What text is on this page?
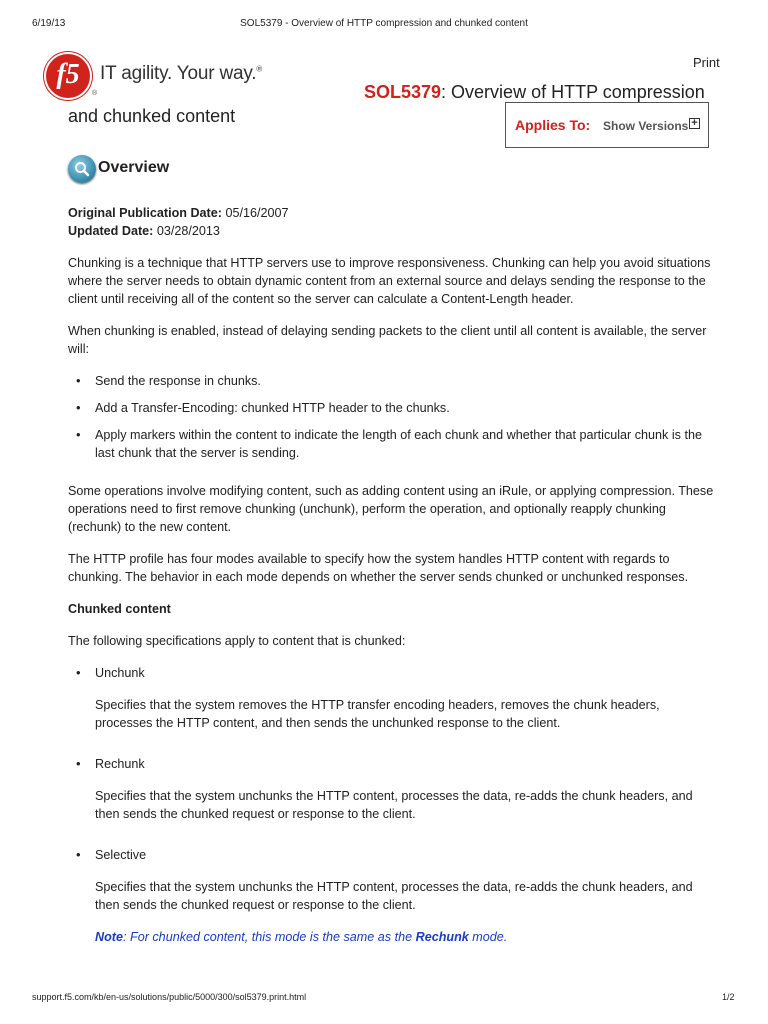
6/19/13	SOL5379 - Overview of HTTP compression and chunked content
f5
®
IT agility. Your way.®	Print
SOL5379: Overview of HTTP compression
and chunked content	Applies To: Show Versions +
Overview
Original Publication Date: 05/16/2007
Updated Date: 03/28/2013

Chunking is a technique that HTTP servers use to improve responsiveness. Chunking can help you avoid situations where the server needs to obtain dynamic content from an external source and delays sending the response to the client until receiving all of the content so the server can calculate a Content-Length header.

When chunking is enabled, instead of delaying sending packets to the client until all content is available, the server will:

• Send the response in chunks.
• Add a Transfer-Encoding: chunked HTTP header to the chunks.
• Apply markers within the content to indicate the length of each chunk and whether that particular chunk is the last chunk that the server is sending.

Some operations involve modifying content, such as adding content using an iRule, or applying compression. These operations need to first remove chunking (unchunk), perform the operation, and optionally reapply chunking (rechunk) to the new content.

The HTTP profile has four modes available to specify how the system handles HTTP content with regards to chunking. The behavior in each mode depends on whether the server sends chunked or unchunked responses.

Chunked content

The following specifications apply to content that is chunked:

• Unchunk
Specifies that the system removes the HTTP transfer encoding headers, removes the chunk headers, processes the HTTP content, and then sends the unchunked response to the client.
• Rechunk
Specifies that the system unchunks the HTTP content, processes the data, re-adds the chunk headers, and then sends the chunked request or response to the client.
• Selective
Specifies that the system unchunks the HTTP content, processes the data, re-adds the chunk headers, and then sends the chunked request or response to the client.
Note: For chunked content, this mode is the same as the Rechunk mode.
support.f5.com/kb/en-us/solutions/public/5000/300/sol5379.print.html	1/2
